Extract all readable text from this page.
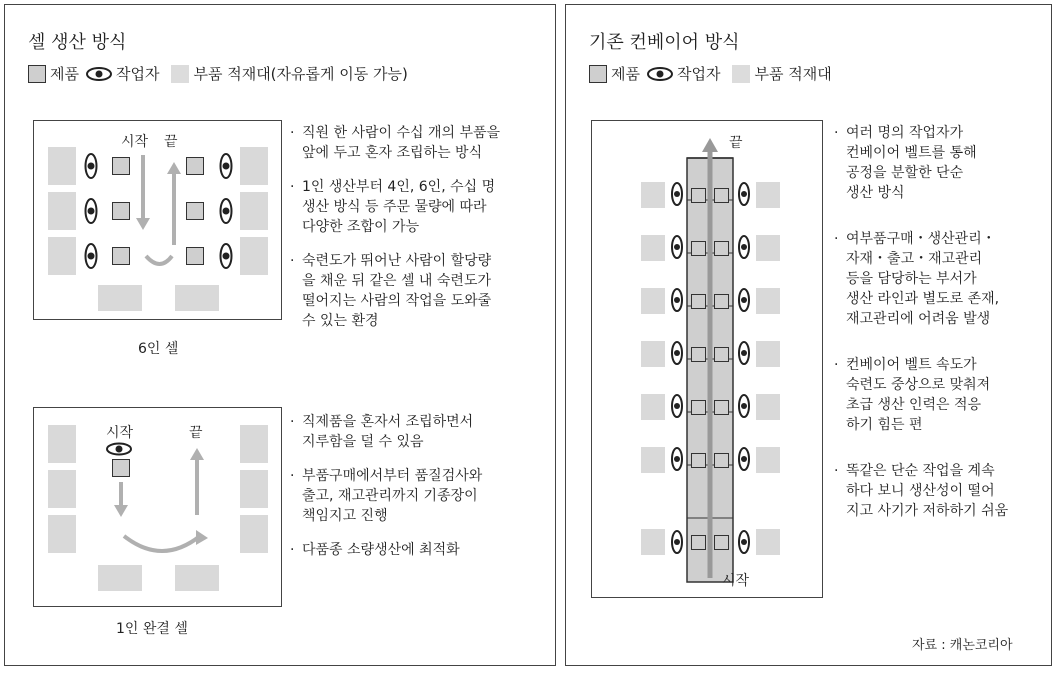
셀 생산 방식
제품 작업자 부품 적재대(자유롭게 이동 가능)
시작 끝
6인 셀
시작	끝
1인 완결 셀
· 직원 한 사람이 수십 개의 부품을
앞에 두고 혼자 조립하는 방식
· 1인 생산부터 4인, 6인, 수십 명
생산 방식 등 주문 물량에 따라
다양한 조합이 가능
· 숙련도가 뛰어난 사람이 할당량
을 채운 뒤 같은 셀 내 숙련도가
떨어지는 사람의 작업을 도와줄
수 있는 환경
· 직제품을 혼자서 조립하면서
지루함을 덜 수 있음
· 부품구매에서부터 품질검사와
출고, 재고관리까지 기종장이
책임지고 진행
· 다품종 소량생산에 최적화
기존 컨베이어 방식
제품 작업자 부품 적재대
끝
시작
· 여러 명의 작업자가
컨베이어 벨트를 통해
공정을 분할한 단순
생산 방식
· 여부품구매・생산관리・
자재・출고・재고관리
등을 담당하는 부서가
생산 라인과 별도로 존재,
재고관리에 어려움 발생
· 컨베이어 벨트 속도가
숙련도 중상으로 맞춰져
초급 생산 인력은 적응
하기 힘든 편
· 똑같은 단순 작업을 계속
하다 보니 생산성이 떨어
지고 사기가 저하하기 쉬움
자료 : 캐논코리아
